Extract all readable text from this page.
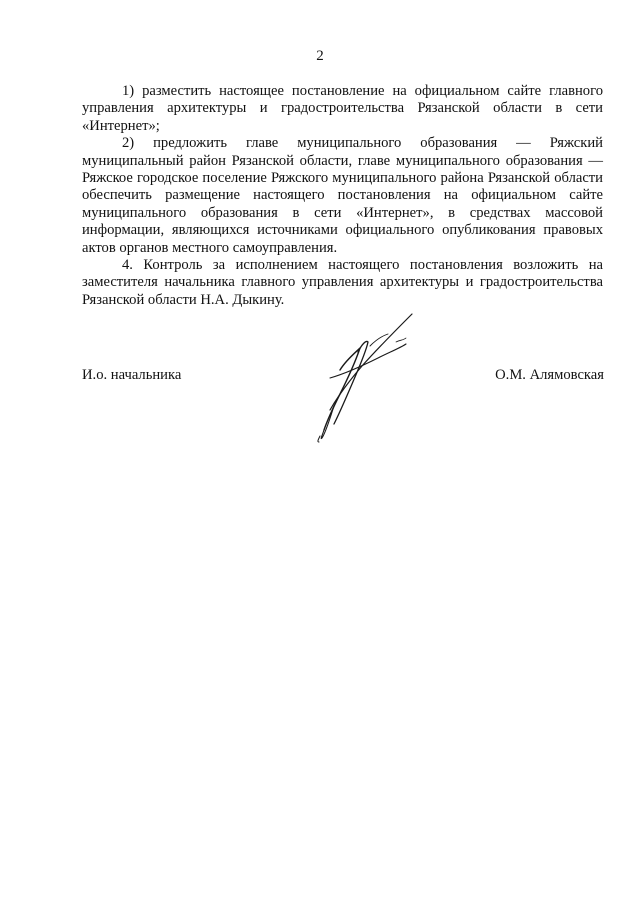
2

1) разместить настоящее постановление на официальном сайте главного управления архитектуры и градостроительства Рязанской области в сети «Интернет»;

2) предложить главе муниципального образования — Ряжский муниципальный район Рязанской области, главе муниципального образования — Ряжское городское поселение Ряжского муниципального района Рязанской области обеспечить размещение настоящего постановления на официальном сайте муниципального образования в сети «Интернет», в средствах массовой информации, являющихся источниками официального опубликования правовых актов органов местного самоуправления.

4. Контроль за исполнением настоящего постановления возложить на заместителя начальника главного управления архитектуры и градостроительства Рязанской области Н.А. Дыкину.

И.о. начальника	О.М. Алямовская
